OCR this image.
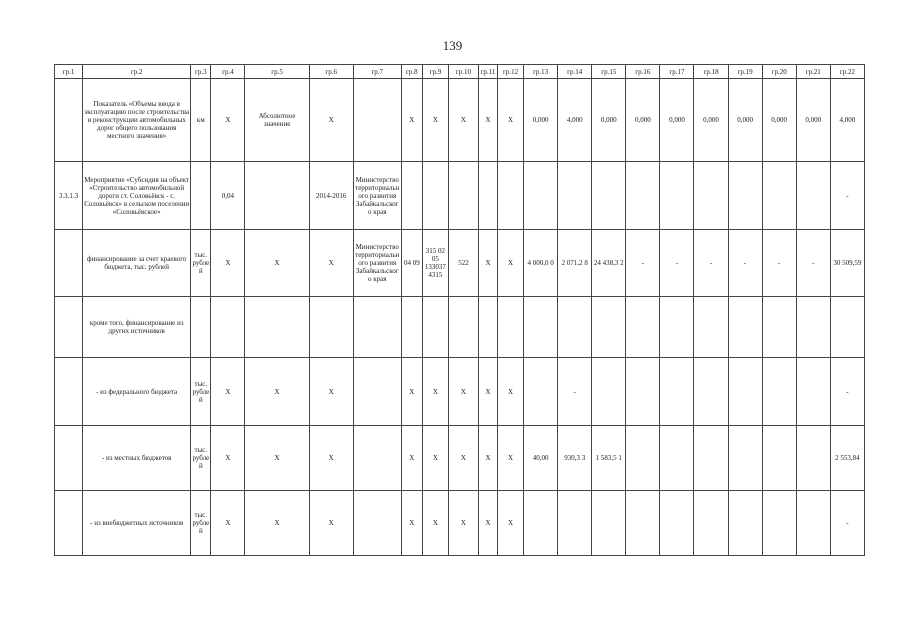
139
гр.1	гр.2	гр.3	гр.4	гр.5	гр.6	гр.7	гр.8	гр.9	гр.10	гр.11	гр.12	гр.13	гр.14	гр.15	гр.16	гр.17	гр.18	гр.19	гр.20	гр.21	гр.22
	Показатель «Объемы ввода в эксплуатацию после строительства и реконструкции автомобильных дорог общего пользования местного значения»	км	Х	Абсолютное значение	Х		Х	Х	Х	Х	Х	0,000	4,000	0,000	0,000	0,000	0,000	0,000	0,000	0,000	4,000
3.3.1.3	Мероприятие «Субсидия на объект «Строительство автомобильной дороги ст. Соловьёвск - с. Соловьёвск» в сельском поселении «Соловьёвское»		0,04		2014-2016	Министерство территориального развития Забайкальского края															-
	финансирование за счет краевого бюджета, тыс. рублей	тыс. рублей	Х	Х	Х	Министерство территориального развития Забайкальского края	04 09	315 02 05 133037 4315	522	Х	Х	4 000,0 0	2 071,2 8	24 438,3 2	-	-	-	-	-	-	30 509,59
	кроме того, финансирование из других источников																				
	- из федерального бюджета	тыс. рублей	Х	Х	Х		Х	Х	Х	Х	Х		-								-
	- из местных бюджетов	тыс. рублей	Х	Х	Х		Х	Х	Х	Х	Х	40,00	930,3 3	1 583,5 1							2 553,84
	- из внебюджетных источников	тыс. рублей	Х	Х	Х		Х	Х	Х	Х	Х										-
